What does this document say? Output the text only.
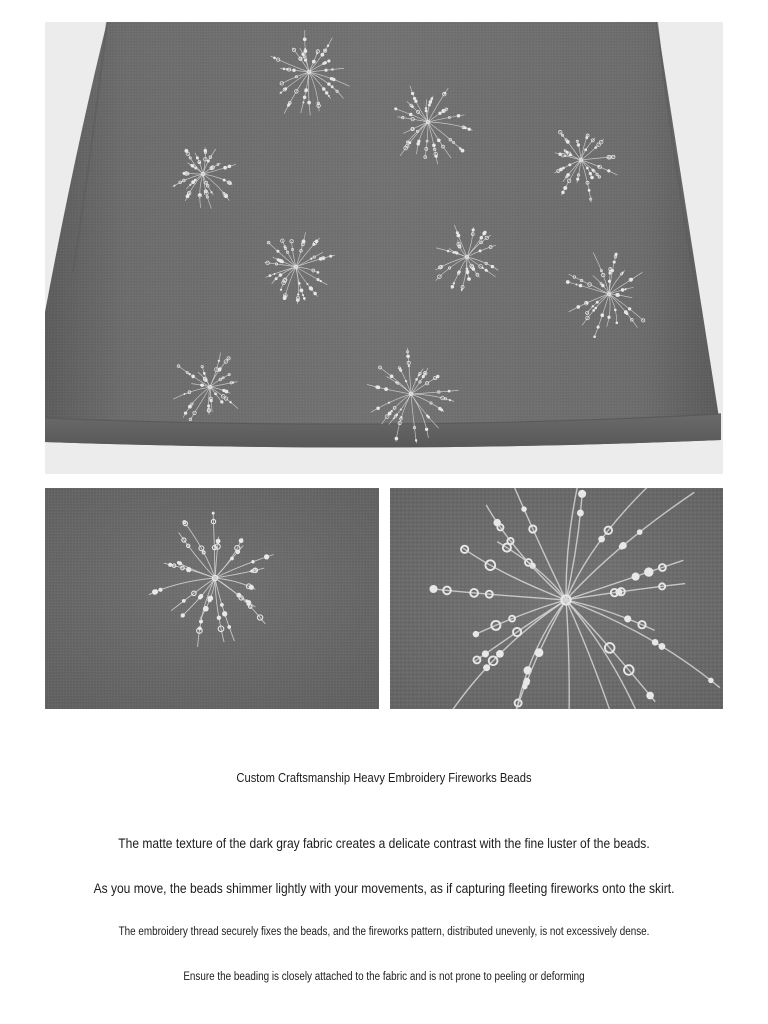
Custom Craftsmanship Heavy Embroidery Fireworks Beads

The matte texture of the dark gray fabric creates a delicate contrast with the fine luster of the beads.

As you move, the beads shimmer lightly with your movements, as if capturing fleeting fireworks onto the skirt.

The embroidery thread securely fixes the beads, and the fireworks pattern, distributed unevenly, is not excessively dense.

Ensure the beading is closely attached to the fabric and is not prone to peeling or deforming
